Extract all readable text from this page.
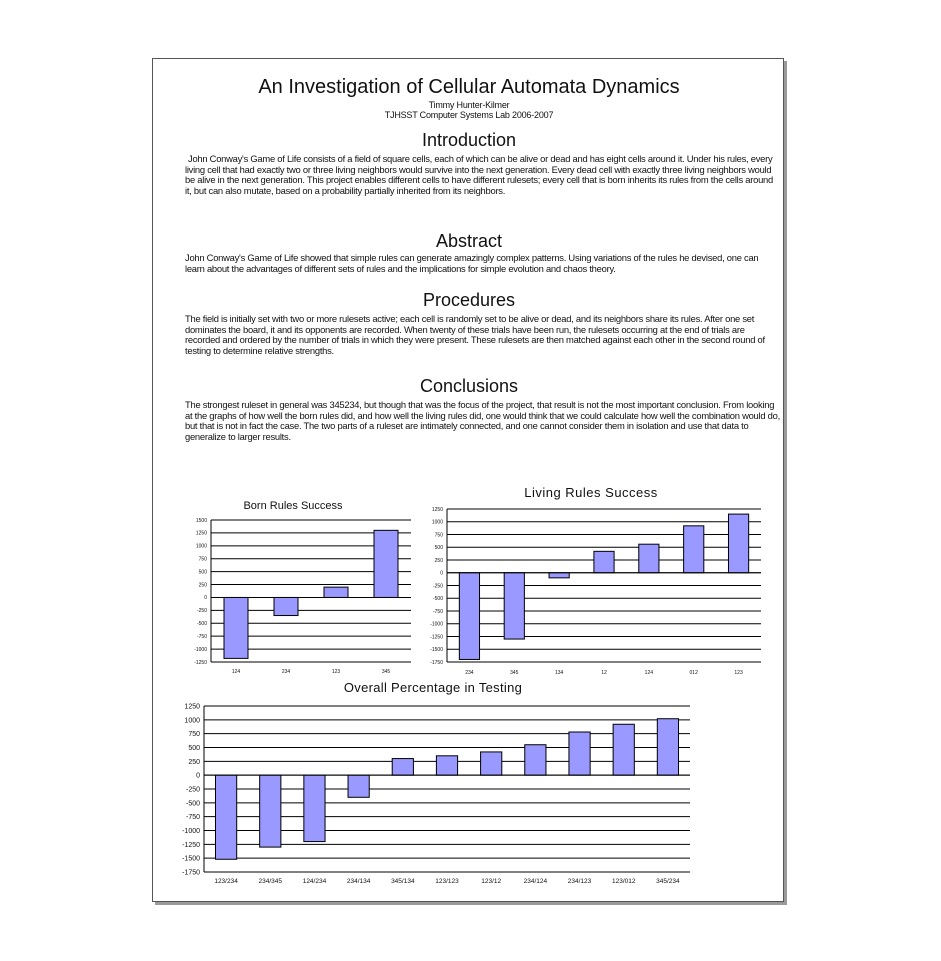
An Investigation of Cellular Automata Dynamics
Timmy Hunter-Kilmer
TJHSST Computer Systems Lab 2006-2007
Introduction
John Conway's Game of Life consists of a field of square cells, each of which can be alive or dead and has eight cells around it. Under his rules, every living cell that had exactly two or three living neighbors would survive into the next generation. Every dead cell with exactly three living neighbors would be alive in the next generation. This project enables different cells to have different rulesets; every cell that is born inherits its rules from the cells around it, but can also mutate, based on a probability partially inherited from its neighbors.
Abstract
John Conway's Game of Life showed that simple rules can generate amazingly complex patterns. Using variations of the rules he devised, one can learn about the advantages of different sets of rules and the implications for simple evolution and chaos theory.
Procedures
The field is initially set with two or more rulesets active; each cell is randomly set to be alive or dead, and its neighbors share its rules. After one set dominates the board, it and its opponents are recorded. When twenty of these trials have been run, the rulesets occurring at the end of trials are recorded and ordered by the number of trials in which they were present. These rulesets are then matched against each other in the second round of testing to determine relative strengths.
Conclusions
The strongest ruleset in general was 345234, but though that was the focus of the project, that result is not the most important conclusion. From looking at the graphs of how well the born rules did, and how well the living rules did, one would think that we could calculate how well the combination would do, but that is not in fact the case. The two parts of a ruleset are intimately connected, and one cannot consider them in isolation and use that data to generalize to larger results.
Born Rules Success
1500
1250
1000
750
500
250
0
-250
-500
-750
-1000
-1250
124	234	123	345
Living Rules Success
1250
1000
750
500
250
0
-250
-500
-750
-1000
-1250
-1500
-1750
234	345	134	12	124	012	123
Overall Percentage in Testing
1250
1000
750
500
250
0
-250
-500
-750
-1000
-1250
-1500
-1750
123/234	234/345	124/234	234/134	345/134	123/123	123/12	234/124	234/123	123/012	345/234
